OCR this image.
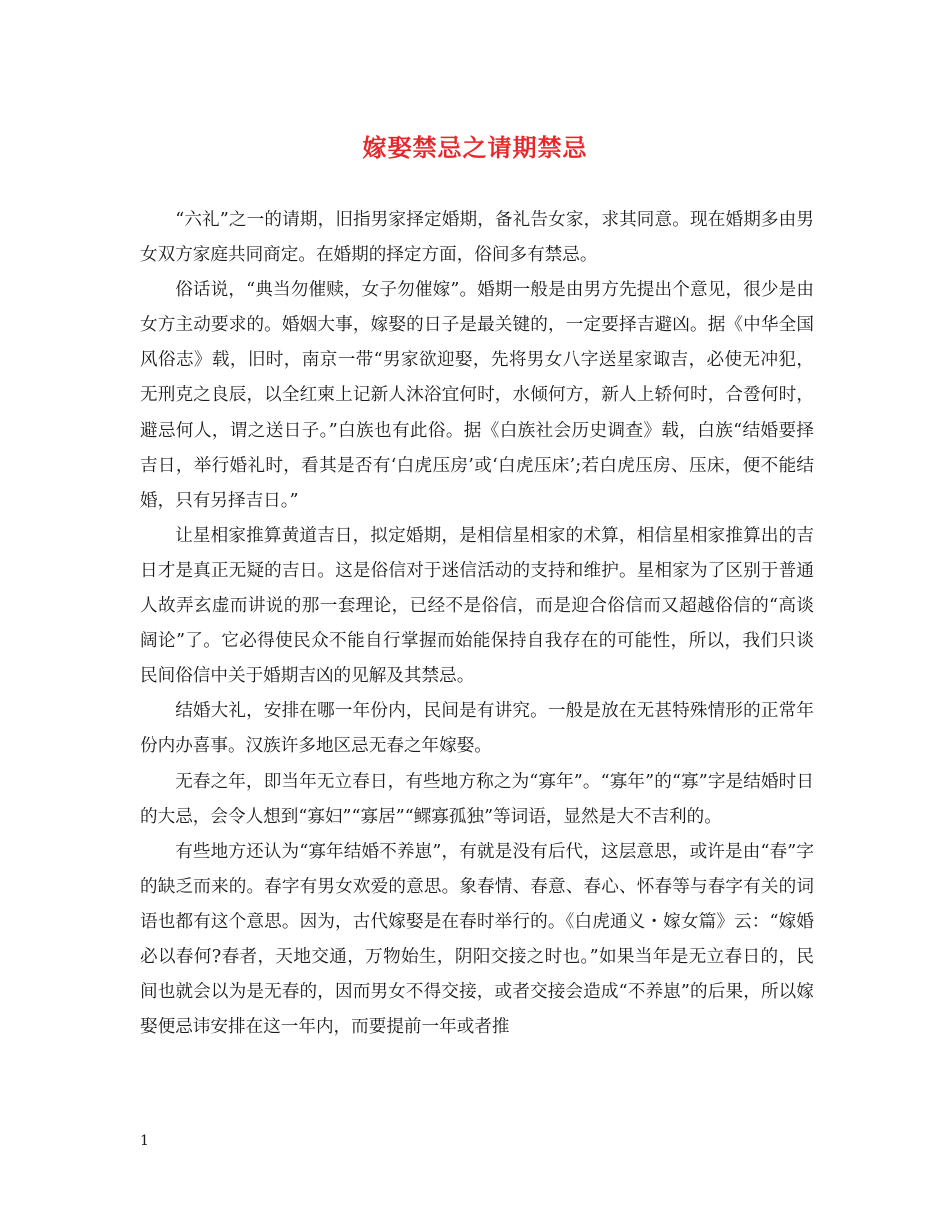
嫁娶禁忌之请期禁忌

“六礼”之一的请期，旧指男家择定婚期，备礼告女家，求其同意。现在婚期多由男女双方家庭共同商定。在婚期的择定方面，俗间多有禁忌。

俗话说，“典当勿催赎，女子勿催嫁”。婚期一般是由男方先提出个意见，很少是由女方主动要求的。婚姻大事，嫁娶的日子是最关键的，一定要择吉避凶。据《中华全国风俗志》载，旧时，南京一带“男家欲迎娶，先将男女八字送星家诹吉，必使无冲犯，无刑克之良辰，以全红柬上记新人沐浴宜何时，水倾何方，新人上轿何时，合卺何时，避忌何人，谓之送日子。”白族也有此俗。据《白族社会历史调查》载，白族“结婚要择吉日，举行婚礼时，看其是否有‘白虎压房’或‘白虎压床’;若白虎压房、压床，便不能结婚，只有另择吉日。”

让星相家推算黄道吉日，拟定婚期，是相信星相家的术算，相信星相家推算出的吉日才是真正无疑的吉日。这是俗信对于迷信活动的支持和维护。星相家为了区别于普通人故弄玄虚而讲说的那一套理论，已经不是俗信，而是迎合俗信而又超越俗信的“高谈阔论”了。它必得使民众不能自行掌握而始能保持自我存在的可能性，所以，我们只谈民间俗信中关于婚期吉凶的见解及其禁忌。

结婚大礼，安排在哪一年份内，民间是有讲究。一般是放在无甚特殊情形的正常年份内办喜事。汉族许多地区忌无春之年嫁娶。

无春之年，即当年无立春日，有些地方称之为“寡年”。“寡年”的“寡”字是结婚时日的大忌，会令人想到“寡妇”“寡居”“鳏寡孤独”等词语，显然是大不吉利的。

有些地方还认为“寡年结婚不养崽”，有就是没有后代，这层意思，或许是由“春”字的缺乏而来的。春字有男女欢爱的意思。象春情、春意、春心、怀春等与春字有关的词语也都有这个意思。因为，古代嫁娶是在春时举行的。《白虎通义・嫁女篇》云：“嫁婚必以春何?春者，天地交通，万物始生，阴阳交接之时也。”如果当年是无立春日的，民间也就会以为是无春的，因而男女不得交接，或者交接会造成“不养崽”的后果，所以嫁娶便忌讳安排在这一年内，而要提前一年或者推

1
